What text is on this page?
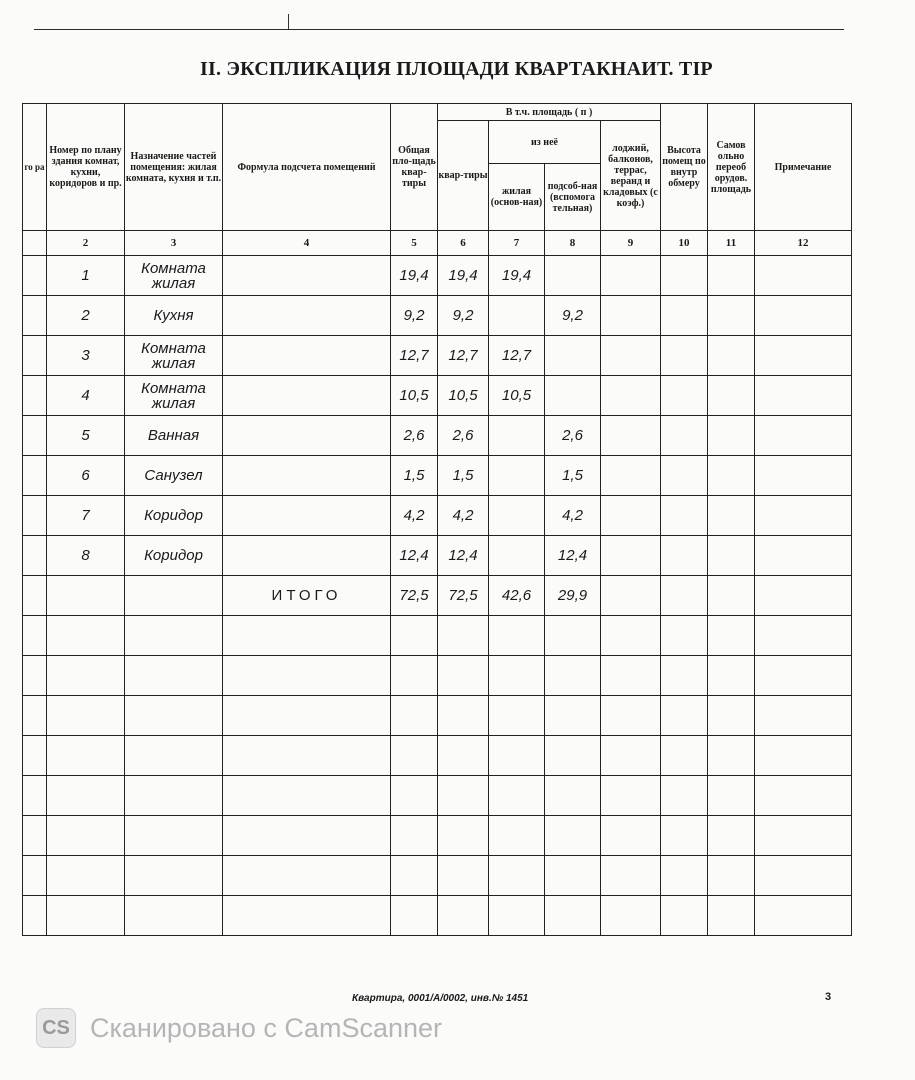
II. ЭКСПЛИКАЦИЯ ПЛОЩАДИ КВАРТАКНАИТ. ТIР
го ра	Номер по плану здания комнат, кухни, коридоров и пр.	Назначение частей помещения: жилая комната, кухня и т.п.	Формула подсчета помещений	Общая пло-щадь квар-тиры	В т.ч. площадь ( п )				Высота помещ по внутр обмеру	Самов ольно переоб орудов. площадь	Примечание
					квар-тиры	из неё		лоджий, балконов, террас, веранд и кладовых (с коэф.)			
						жилая (основ-ная)	подсоб-ная (вспомога тельная)				
	2	3	4	5	6	7	8	9	10	11	12
	1	Комната жилая		19,4	19,4	19,4					
	2	Кухня		9,2	9,2		9,2				
	3	Комната жилая		12,7	12,7	12,7					
	4	Комната жилая		10,5	10,5	10,5					
	5	Ванная		2,6	2,6		2,6				
	6	Санузел		1,5	1,5		1,5				
	7	Коридор		4,2	4,2		4,2				
	8	Коридор		12,4	12,4		12,4				
			ИТОГО	72,5	72,5	42,6	29,9				

Квартира, 0001/А/0002, инв.№ 1451	3
CS Сканировано с CamScanner
